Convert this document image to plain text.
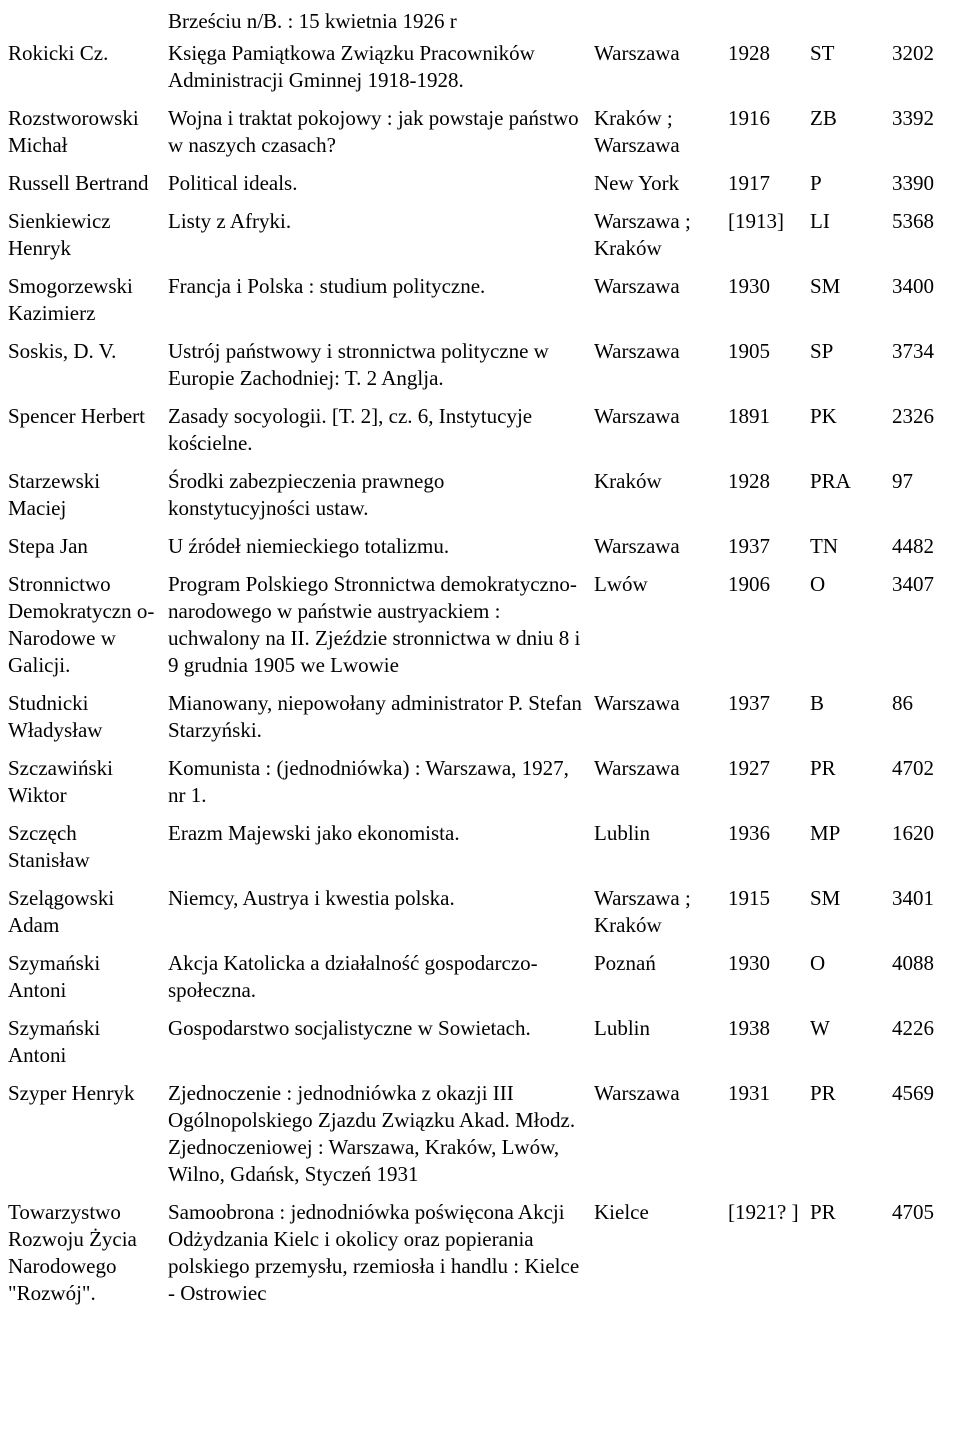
Brześciu n/B. : 15 kwietnia 1926 r
Rokicki Cz.	Księga Pamiątkowa Związku Pracowników Administracji Gminnej 1918-1928.	Warszawa	1928	ST	3202
Rozstworowski Michał	Wojna i traktat pokojowy : jak powstaje państwo w naszych czasach?	Kraków ; Warszawa	1916	ZB	3392
Russell Bertrand	Political ideals.	New York	1917	P	3390
Sienkiewicz Henryk	Listy z Afryki.	Warszawa ; Kraków	[1913]	LI	5368
Smogorzewski Kazimierz	Francja i Polska : studium polityczne.	Warszawa	1930	SM	3400
Soskis, D. V.	Ustrój państwowy i stronnictwa polityczne w Europie Zachodniej: T. 2 Anglja.	Warszawa	1905	SP	3734
Spencer Herbert	Zasady socyologii. [T. 2], cz. 6, Instytucyje kościelne.	Warszawa	1891	PK	2326
Starzewski Maciej	Środki zabezpieczenia prawnego konstytucyjności ustaw.	Kraków	1928	PRA	97
Stepa Jan	U źródeł niemieckiego totalizmu.	Warszawa	1937	TN	4482
Stronnictwo Demokratyczn o-Narodowe w Galicji.	Program Polskiego Stronnictwa demokratyczno-narodowego w państwie austryackiem : uchwalony na II. Zjeździe stronnictwa w dniu 8 i 9 grudnia 1905 we Lwowie	Lwów	1906	O	3407
Studnicki Władysław	Mianowany, niepowołany administrator P. Stefan Starzyński.	Warszawa	1937	B	86
Szczawiński Wiktor	Komunista : (jednodniówka) : Warszawa, 1927, nr 1.	Warszawa	1927	PR	4702
Szczęch Stanisław	Erazm Majewski jako ekonomista.	Lublin	1936	MP	1620
Szelągowski Adam	Niemcy, Austrya i kwestia polska.	Warszawa ; Kraków	1915	SM	3401
Szymański Antoni	Akcja Katolicka a działalność gospodarczo-społeczna.	Poznań	1930	O	4088
Szymański Antoni	Gospodarstwo socjalistyczne w Sowietach.	Lublin	1938	W	4226
Szyper Henryk	Zjednoczenie : jednodniówka z okazji III Ogólnopolskiego Zjazdu Związku Akad. Młodz. Zjednoczeniowej : Warszawa, Kraków, Lwów, Wilno, Gdańsk, Styczeń 1931	Warszawa	1931	PR	4569
Towarzystwo Rozwoju Życia Narodowego "Rozwój".	Samoobrona : jednodniówka poświęcona Akcji Odżydzania Kielc i okolicy oraz popierania polskiego przemysłu, rzemiosła i handlu : Kielce - Ostrowiec	Kielce	[1921? ]	PR	4705
